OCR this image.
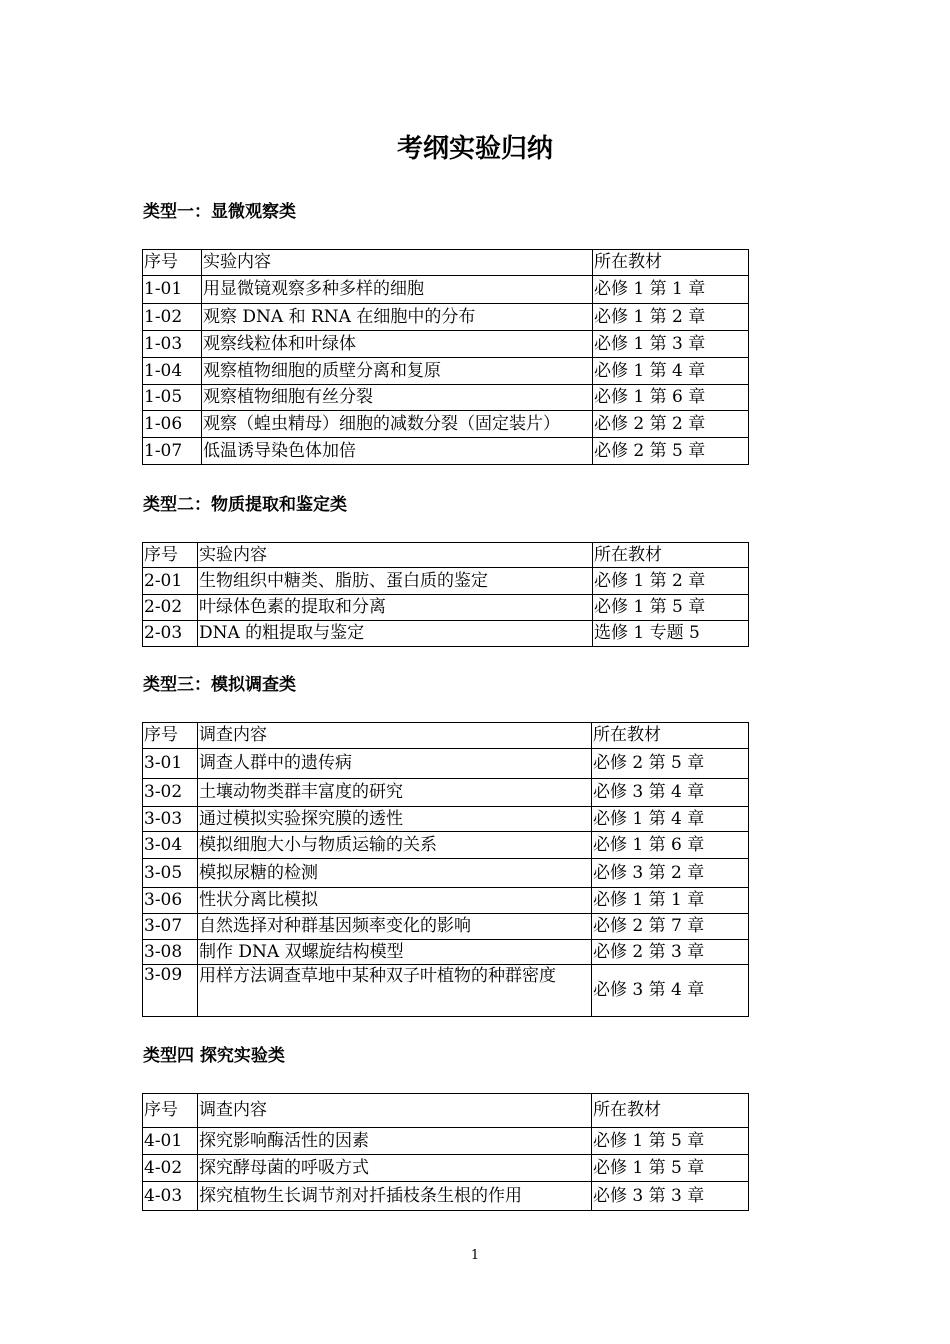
考纲实验归纳
类型一：显微观察类
序号	实验内容	所在教材
1-01	用显微镜观察多种多样的细胞	必修 1 第 1 章
1-02	观察 DNA 和 RNA 在细胞中的分布	必修 1 第 2 章
1-03	观察线粒体和叶绿体	必修 1 第 3 章
1-04	观察植物细胞的质壁分离和复原	必修 1 第 4 章
1-05	观察植物细胞有丝分裂	必修 1 第 6 章
1-06	观察（蝗虫精母）细胞的减数分裂（固定装片）	必修 2 第 2 章
1-07	低温诱导染色体加倍	必修 2 第 5 章
类型二：物质提取和鉴定类
序号	实验内容	所在教材
2-01	生物组织中糖类、脂肪、蛋白质的鉴定	必修 1 第 2 章
2-02	叶绿体色素的提取和分离	必修 1 第 5 章
2-03	DNA 的粗提取与鉴定	选修 1 专题 5
类型三：模拟调查类
序号	调查内容	所在教材
3-01	调查人群中的遗传病	必修 2 第 5 章
3-02	土壤动物类群丰富度的研究	必修 3 第 4 章
3-03	通过模拟实验探究膜的透性	必修 1 第 4 章
3-04	模拟细胞大小与物质运输的关系	必修 1 第 6 章
3-05	模拟尿糖的检测	必修 3 第 2 章
3-06	性状分离比模拟	必修 1 第 1 章
3-07	自然选择对种群基因频率变化的影响	必修 2 第 7 章
3-08	制作 DNA 双螺旋结构模型	必修 2 第 3 章
3-09	用样方法调查草地中某种双子叶植物的种群密度	必修 3 第 4 章
类型四 探究实验类
序号	调查内容	所在教材
4-01	探究影响酶活性的因素	必修 1 第 5 章
4-02	探究酵母菌的呼吸方式	必修 1 第 5 章
4-03	探究植物生长调节剂对扦插枝条生根的作用	必修 3 第 3 章
1
